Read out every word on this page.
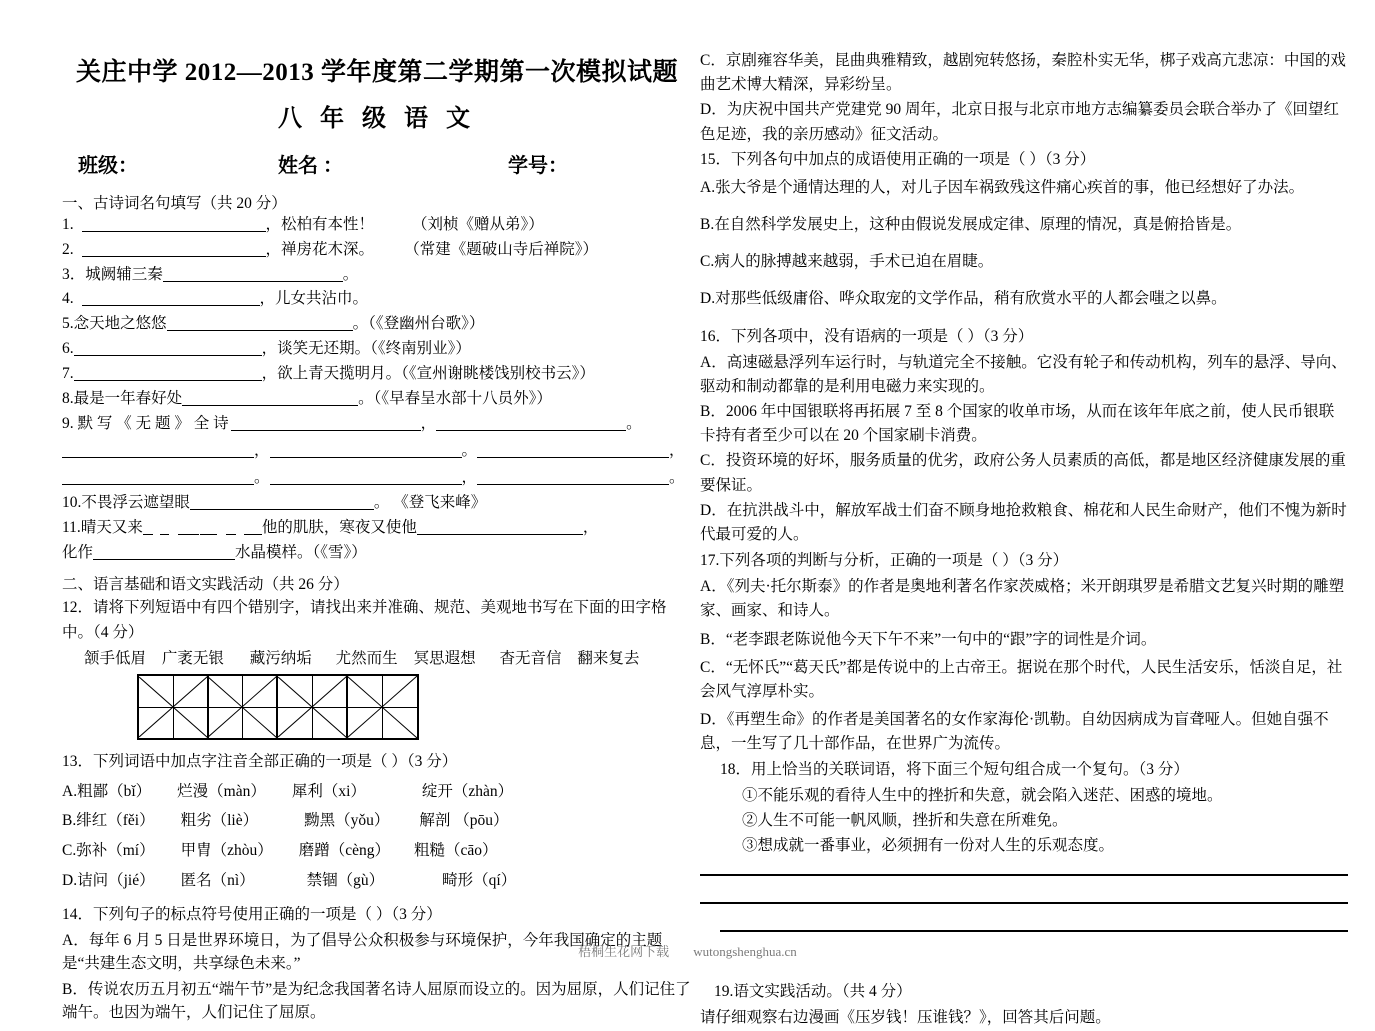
关庄中学 2012—2013 学年度第二学期第一次模拟试题
八 年 级 语 文
班级：	姓名 ：	学号：
一、古诗词名句填写（共 20 分）
1.	，松柏有本性！ （刘桢《赠从弟》）
2.	，禅房花木深。 （常建《题破山寺后禅院》）
3．城阙辅三秦	。
4.	，儿女共沾巾。
5.念天地之悠悠	。（《登幽州台歌》）
6.	，谈笑无还期。（《终南别业》）
7.	，欲上青天揽明月。（《宣州谢眺楼饯别校书云》）
8.最是一年春好处	。（《早春呈水部十八员外》）
9. 默 写 《 无 题 》 全 诗	，	。
，	。	，
。	，	。
10.不畏浮云遮望眼	。 《登飞来峰》
11.晴天又来	他的肌肤，寒夜又使他	，
化作	水晶模样。（《雪》）
二、语言基础和语文实践活动（共 26 分）
12．请将下列短语中有四个错别字，请找出来并准确、规范、美观地书写在下面的田字格
中。（4 分）
颔手低眉 广袤无银 藏污纳垢 尤然而生 冥思遐想 杳无音信 翻来复去
13．下列词语中加点字注音全部正确的一项是（ ）（3 分）
A.粗鄙（bǐ） 烂漫（màn） 犀利（xi）	绽开（zhàn）
B.绯红（fěi） 粗劣（liè）	黝黑（yǒu） 解剖 （pōu）
C.弥补（mí） 甲胄（zhòu） 磨蹭（cèng） 粗糙（cāo）
D.诘问（jié） 匿名（nì）	禁锢（gù）	畸形（qí）
14．下列句子的标点符号使用正确的一项是（ ）（3 分）
A．每年 6 月 5 日是世界环境日，为了倡导公众积极参与环境保护，今年我国确定的主题是“共建生态文明，共享绿色未来。”
B．传说农历五月初五“端午节”是为纪念我国著名诗人屈原而设立的。因为屈原，人们记住了端午。也因为端午，人们记住了屈原。
C．京剧雍容华美，昆曲典雅精致，越剧宛转悠扬，秦腔朴实无华，梆子戏高亢悲凉：中国的戏曲艺术博大精深，异彩纷呈。
D．为庆祝中国共产党建党 90 周年，北京日报与北京市地方志编纂委员会联合举办了《回望红色足迹，我的亲历感动》征文活动。
15．下列各句中加点的成语使用正确的一项是（ ）（3 分）
A.张大爷是个通情达理的人，对儿子因车祸致残这件痛心疾首的事，他已经想好了办法。
B.在自然科学发展史上，这种由假说发展成定律、原理的情况，真是俯拾皆是。
C.病人的脉搏越来越弱，手术已迫在眉睫。
D.对那些低级庸俗、哗众取宠的文学作品，稍有欣赏水平的人都会嗤之以鼻。
16．下列各项中，没有语病的一项是（ ）（3 分）
A．高速磁悬浮列车运行时，与轨道完全不接触。它没有轮子和传动机构，列车的悬浮、导向、驱动和制动都靠的是利用电磁力来实现的。
B．2006 年中国银联将再拓展 7 至 8 个国家的收单市场，从而在该年年底之前，使人民币银联卡持有者至少可以在 20 个国家刷卡消费。
C．投资环境的好坏，服务质量的优劣，政府公务人员素质的高低，都是地区经济健康发展的重要保证。
D．在抗洪战斗中，解放军战士们奋不顾身地抢救粮食、棉花和人民生命财产，他们不愧为新时代最可爱的人。
17.下列各项的判断与分析，正确的一项是（ ）（3 分）
A．《列夫·托尔斯泰》的作者是奥地利著名作家茨威格；米开朗琪罗是希腊文艺复兴时期的雕塑家、画家、和诗人。
B．“老李跟老陈说他今天下午不来”一句中的“跟”字的词性是介词。
C．“无怀氏”“葛天氏”都是传说中的上古帝王。据说在那个时代，人民生活安乐，恬淡自足，社会风气淳厚朴实。
D．《再塑生命》的作者是美国著名的女作家海伦·凯勒。自幼因病成为盲聋哑人。但她自强不息，一生写了几十部作品，在世界广为流传。
18．用上恰当的关联词语，将下面三个短句组合成一个复句。（3 分）
①不能乐观的看待人生中的挫折和失意，就会陷入迷茫、困惑的境地。
②人生不可能一帆风顺，挫折和失意在所难免。
③想成就一番事业，必须拥有一份对人生的乐观态度。
19.语文实践活动。（共 4 分）
请仔细观察右边漫画《压岁钱！压谁钱？》，回答其后问题。
梧桐生花网下载 wutongshenghua.cn
